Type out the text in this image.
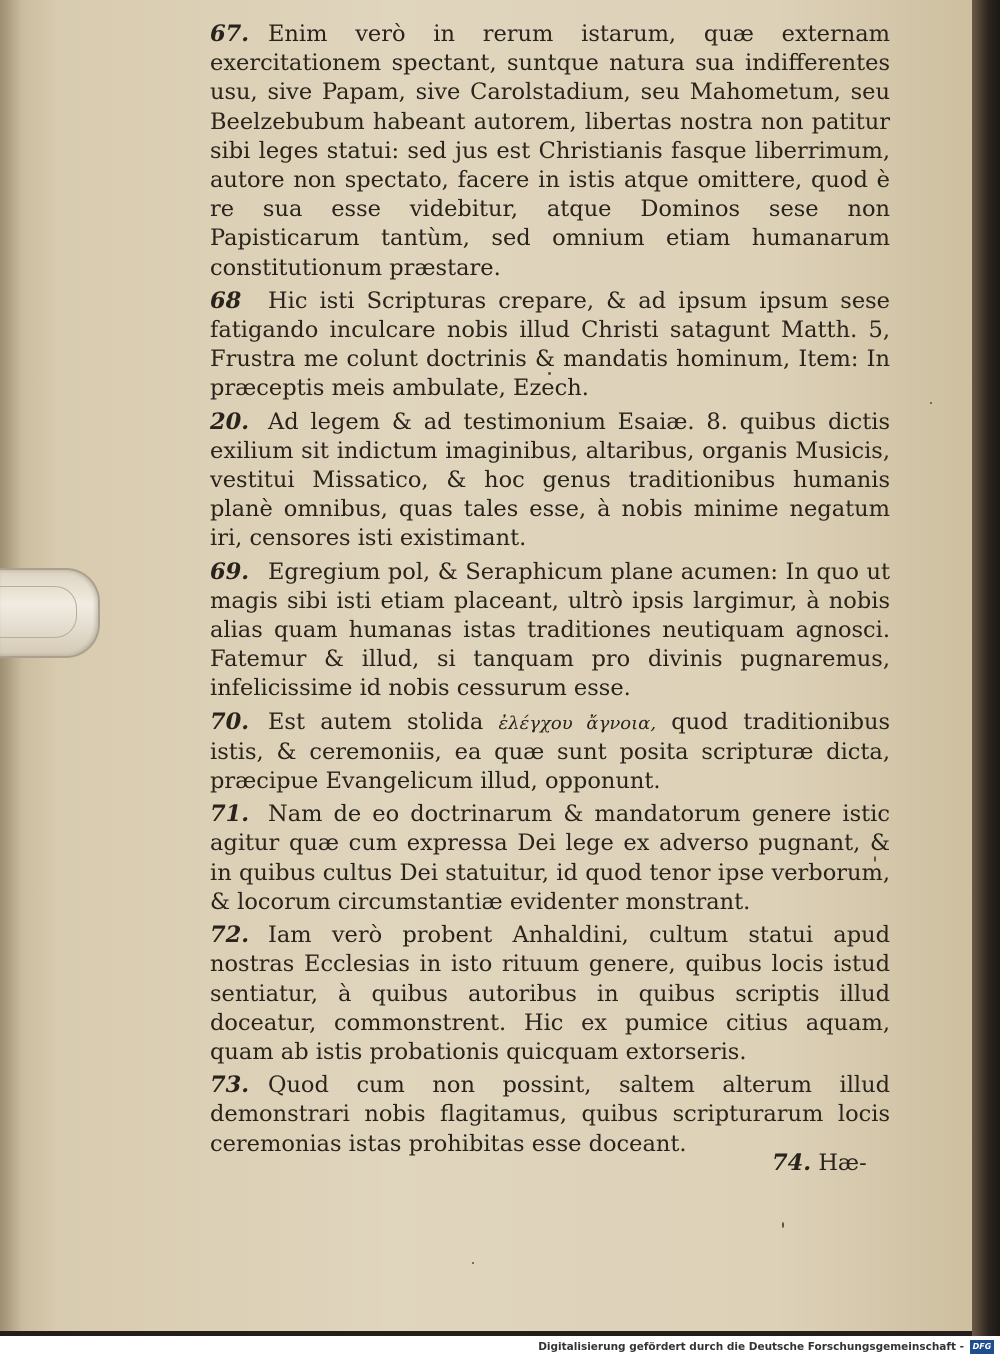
67. Enim verò in rerum istarum, quæ externam exercitationem spectant, suntque natura sua indifferentes usu, sive Papam, sive Carolstadium, seu Mahometum, seu Beelzebubum habeant autorem, libertas nostra non patitur sibi leges statui: sed jus est Christianis fasque liberrimum, autore non spectato, facere in istis atque omittere, quod è re sua esse videbitur, atque Dominos sese non Papisticarum tantùm, sed omnium etiam humanarum constitutionum præstare.

68 Hic isti Scripturas crepare, & ad ipsum ipsum sese fatigando inculcare nobis illud Christi satagunt Matth. 5, Frustra me colunt doctrinis & mandatis hominum, Item: In præceptis meis ambulate, Ezech.

20. Ad legem & ad testimonium Esaiæ. 8. quibus dictis exilium sit indictum imaginibus, altaribus, organis Musicis, vestitui Missatico, & hoc genus traditionibus humanis planè omnibus, quas tales esse, à nobis minime negatum iri, censores isti existimant.

69. Egregium pol, & Seraphicum plane acumen: In quo ut magis sibi isti etiam placeant, ultrò ipsis largimur, à nobis alias quam humanas istas traditiones neutiquam agnosci. Fatemur & illud, si tanquam pro divinis pugnaremus, infelicissime id nobis cessurum esse.

70. Est autem stolida ἐλέγχου ἄγνοια, quod traditionibus istis, & ceremoniis, ea quæ sunt posita scripturæ dicta, præcipue Evangelicum illud, opponunt.

71. Nam de eo doctrinarum & mandatorum genere istic agitur quæ cum expressa Dei lege ex adverso pugnant, & in quibus cultus Dei statuitur, id quod tenor ipse verborum, & locorum circumstantiæ evidenter monstrant.

72. Iam verò probent Anhaldini, cultum statui apud nostras Ecclesias in isto rituum genere, quibus locis istud sentiatur, à quibus autoribus in quibus scriptis illud doceatur, commonstrent. Hic ex pumice citius aquam, quam ab istis probationis quicquam extorseris.

73. Quod cum non possint, saltem alterum illud demonstrari nobis flagitamus, quibus scripturarum locis ceremonias istas prohibitas esse doceant.

74. Hæ-
Digitalisierung gefördert durch die Deutsche Forschungsgemeinschaft -	DFG
